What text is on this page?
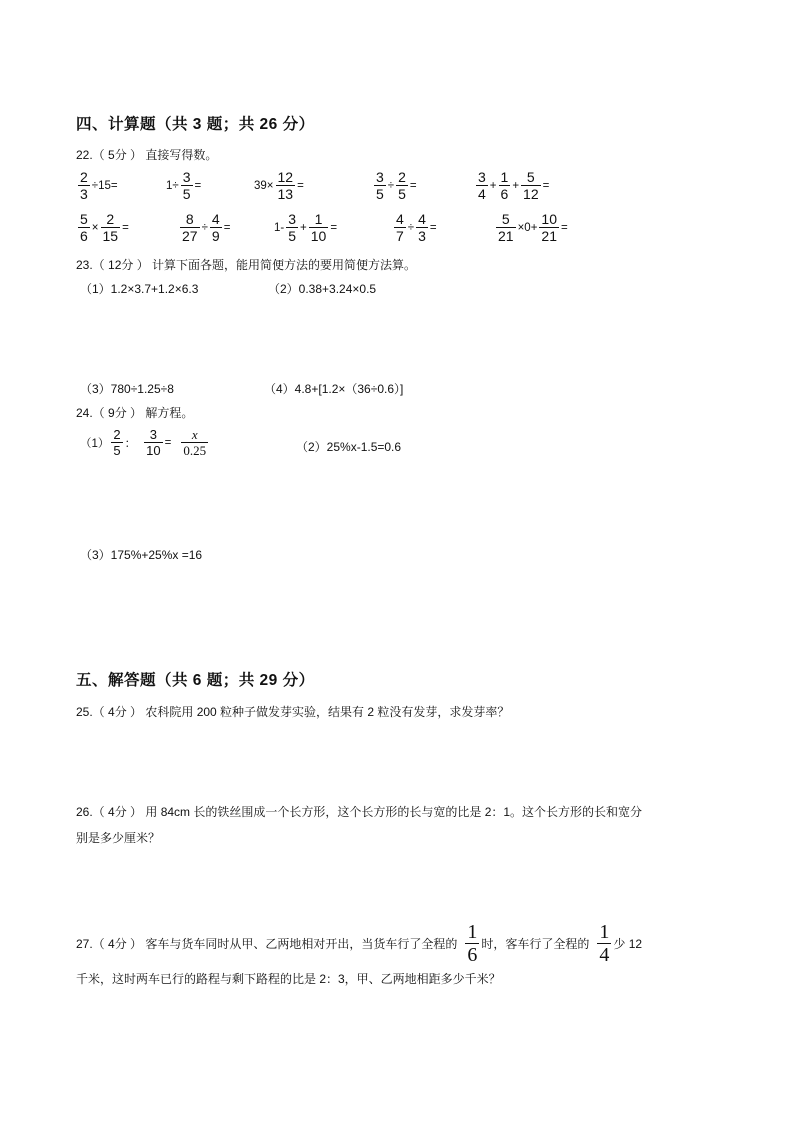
四、计算题（共 3 题；共 26 分）
22.（ 5分 ） 直接写得数。
$\frac{2}{3} \div 15=$	$1\div \frac{3}{5}$ =	$39\times \frac{12}{13}$ =	$\frac{3}{5} \div \frac{2}{5}$ =	$\frac{3}{4} + \frac{1}{6} + \frac{5}{12}$ =
$\frac{5}{6} \times \frac{2}{15}$ =	$\frac{8}{27} \div \frac{4}{9}$ =	$1- \frac{3}{5} + \frac{1}{10}$ =	$\frac{4}{7} \div \frac{4}{3}$ =	$\frac{5}{21} \times 0+ \frac{10}{21}$ =
23.（ 12分 ） 计算下面各题，能用简便方法的要用简便方法算。
（1）1.2×3.7+1.2×6.3	（2）0.38+3.24×0.5
（3）780÷1.25÷8	（4）4.8+[1.2×（36÷0.6）]
24.（ 9分 ） 解方程。
$(1) \frac{2}{5}$ ： $\frac{3}{10} = \frac{x}{0.25}$	（2）25%x-1.5=0.6
（3）175%+25%x =16
五、解答题（共 6 题；共 29 分）
25.（ 4分 ） 农科院用 200 粒种子做发芽实验，结果有 2 粒没有发芽，求发芽率？
26.（ 4分 ） 用 84cm 长的铁丝围成一个长方形，这个长方形的长与宽的比是 2：1。这个长方形的长和宽分
别是多少厘米？
27.（ 4分 ） 客车与货车同时从甲、乙两地相对开出，当货车行了全程的 $\frac{1}{6}$ 时，客车行了全程的 $\frac{1}{4}$ 少 12
千米，这时两车已行的路程与剩下路程的比是 2：3，甲、乙两地相距多少千米？
